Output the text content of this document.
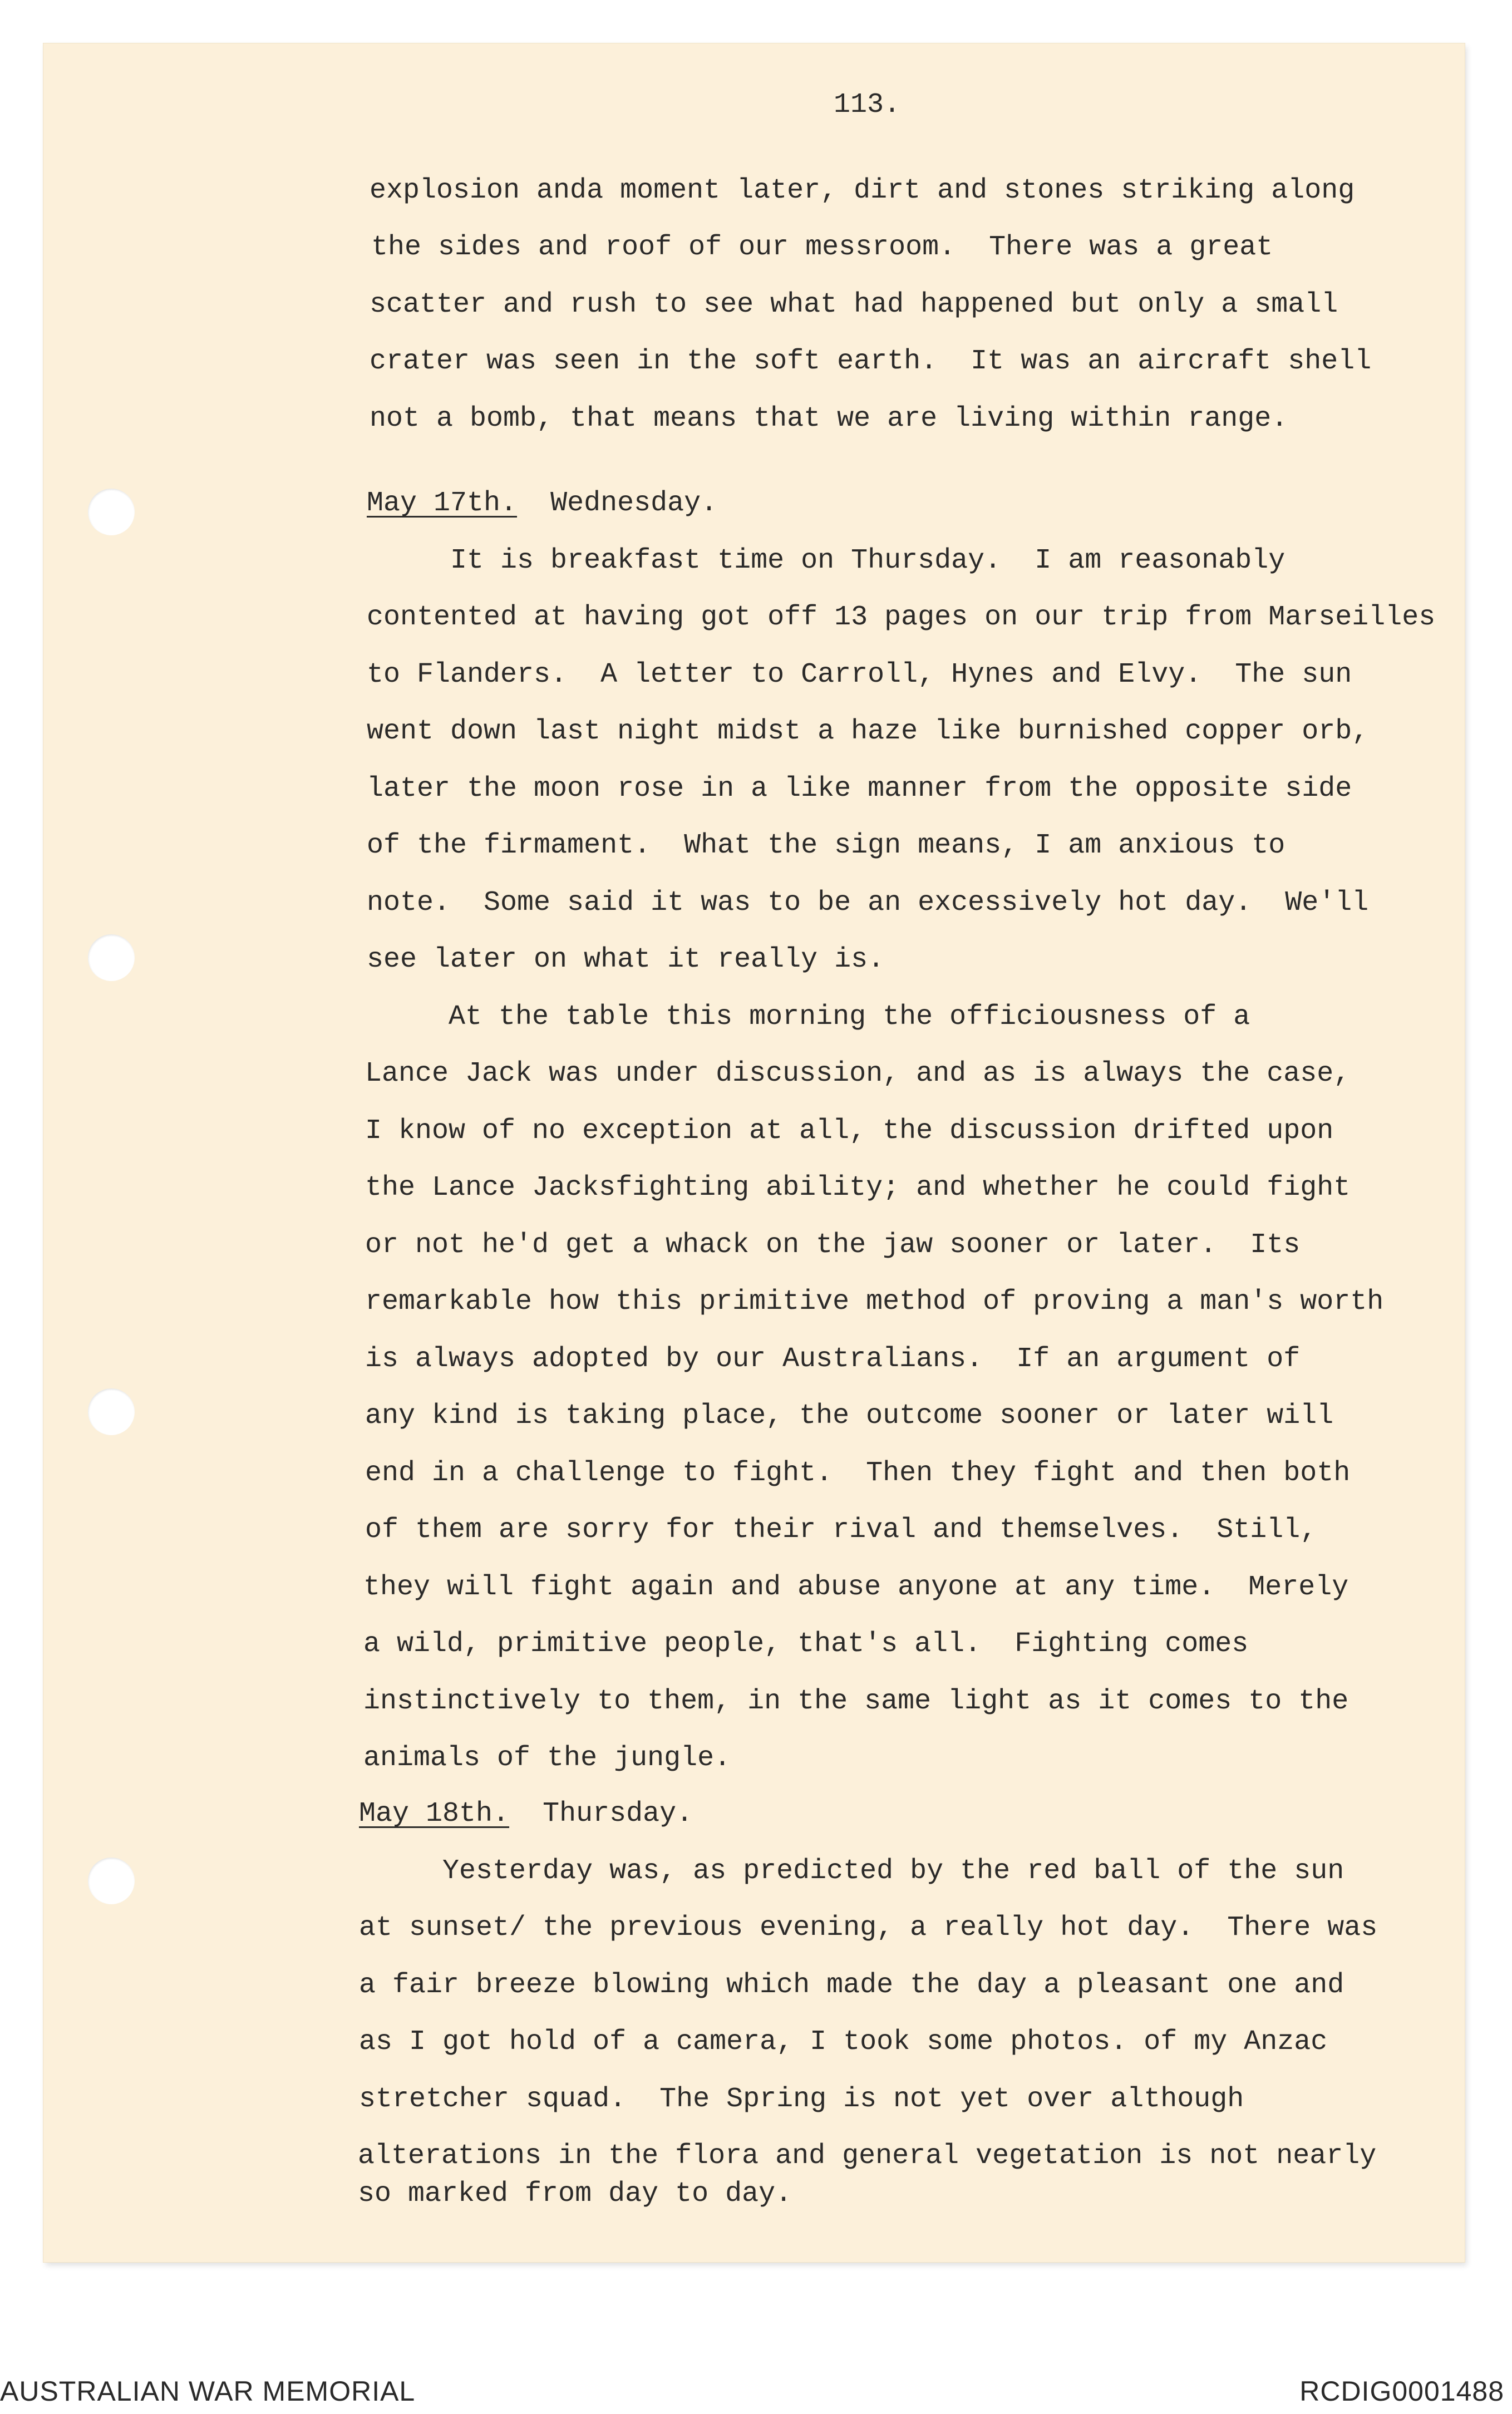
113.
explosion anda moment later, dirt and stones striking along
the sides and roof of our messroom.  There was a great
scatter and rush to see what had happened but only a small
crater was seen in the soft earth.  It was an aircraft shell
not a bomb, that means that we are living within range.
May 17th. Wednesday.
It is breakfast time on Thursday.  I am reasonably
contented at having got off 13 pages on our trip from Marseilles
to Flanders.  A letter to Carroll, Hynes and Elvy.  The sun
went down last night midst a haze like burnished copper orb,
later the moon rose in a like manner from the opposite side
of the firmament.  What the sign means, I am anxious to
note.  Some said it was to be an excessively hot day.  We'll
see later on what it really is.
At the table this morning the officiousness of a
Lance Jack was under discussion, and as is always the case,
I know of no exception at all, the discussion drifted upon
the Lance Jacksfighting ability; and whether he could fight
or not he'd get a whack on the jaw sooner or later.  Its
remarkable how this primitive method of proving a man's worth
is always adopted by our Australians.  If an argument of
any kind is taking place, the outcome sooner or later will
end in a challenge to fight.  Then they fight and then both
of them are sorry for their rival and themselves.  Still,
they will fight again and abuse anyone at any time.  Merely
a wild, primitive people, that's all.  Fighting comes
instinctively to them, in the same light as it comes to the
animals of the jungle.
May 18th. Thursday.
Yesterday was, as predicted by the red ball of the sun
at sunset/ the previous evening, a really hot day.  There was
a fair breeze blowing which made the day a pleasant one and
as I got hold of a camera, I took some photos. of my Anzac
stretcher squad.  The Spring is not yet over although
alterations in the flora and general vegetation is not nearly
so marked from day to day.
AUSTRALIAN WAR MEMORIAL	RCDIG0001488
